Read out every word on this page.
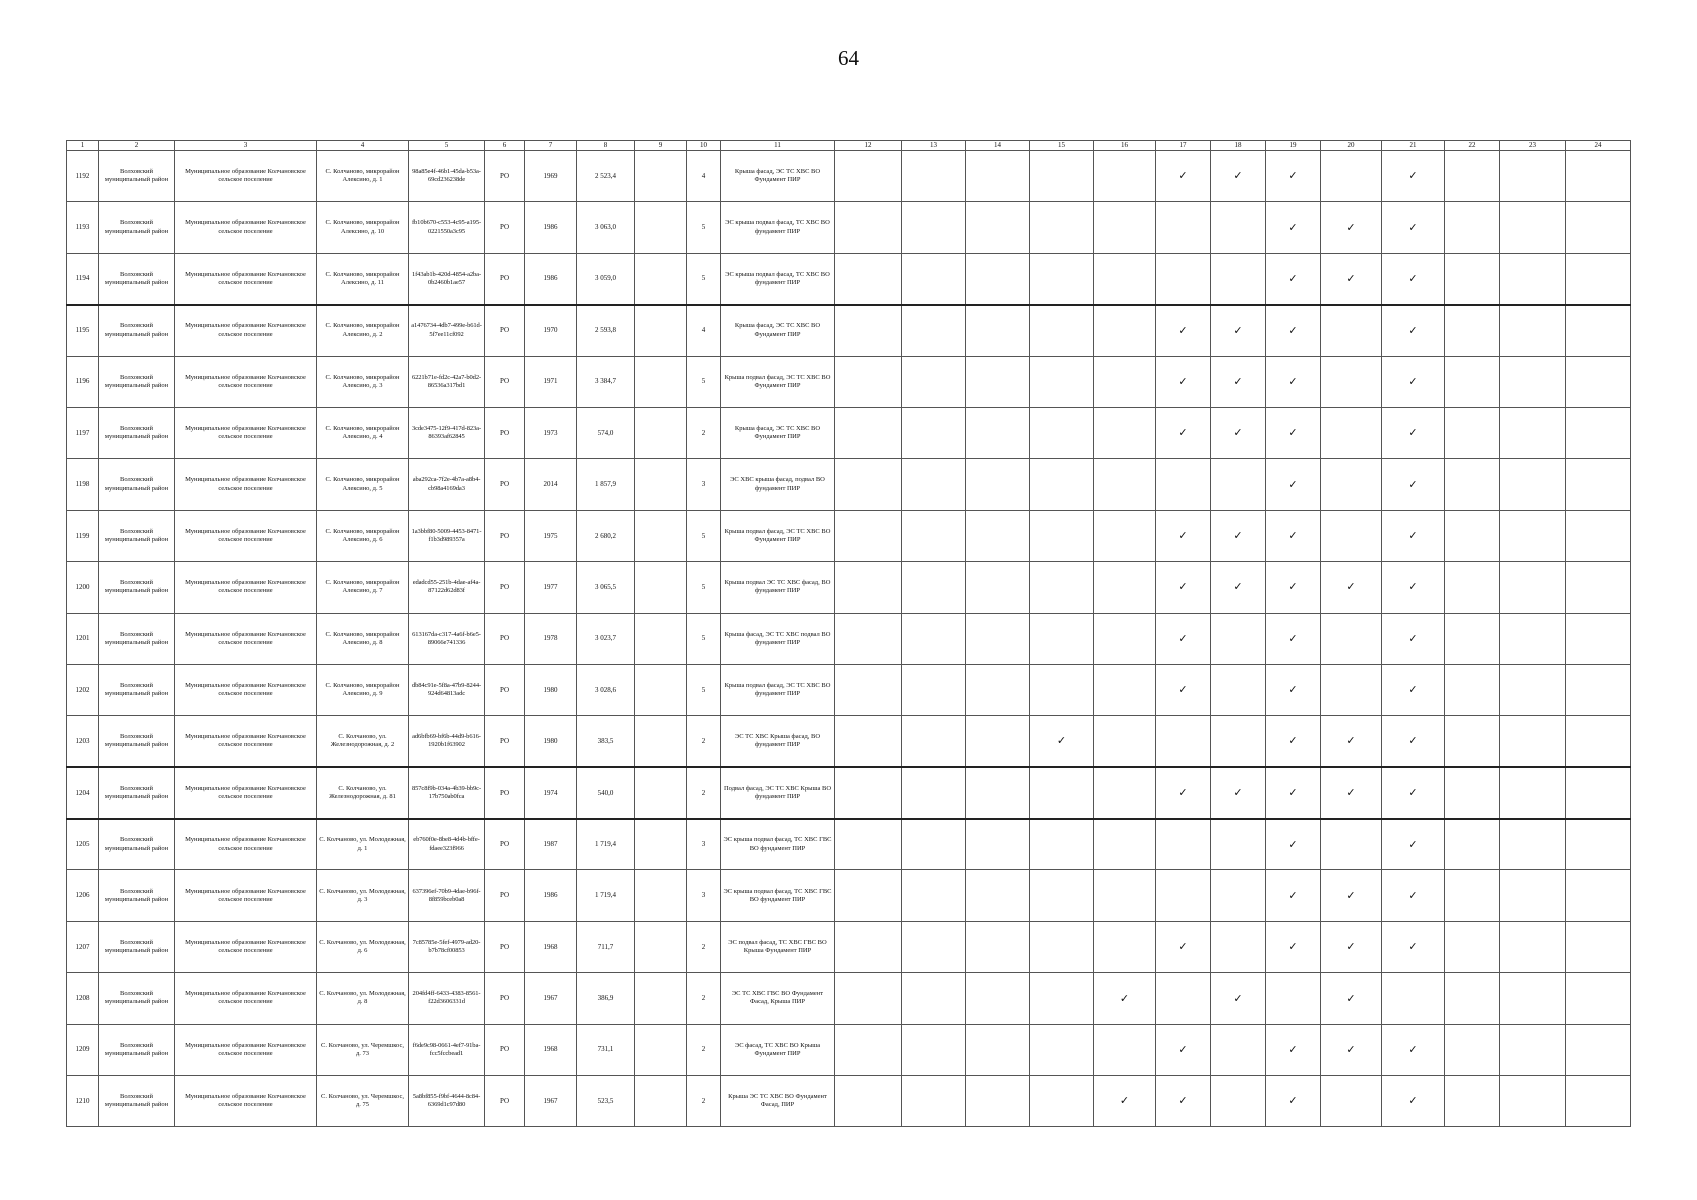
64
1	2	3	4	5	6	7	8	9	10	11	12	13	14	15	16	17	18	19	20	21	22	23	24
1192	Волховский муниципальный район	Муниципальное образование Колчановское сельское поселение	С. Колчаново, микрорайон Алексино, д. 1	98a85e4f-46b1-45da-b53a-69cd236238de	РО	1969	2 523,4		4	Крыша фасад, ЭС ТС ХВС ВО Фундамент ПИР						✓	✓	✓		✓			
1193	Волховский муниципальный район	Муниципальное образование Колчановское сельское поселение	С. Колчаново, микрорайон Алексино, д. 10	fb10b670-c553-4c95-a195-0221550a3c95	РО	1986	3 063,0		5	ЭС крыша подвал фасад, ТС ХВС ВО фундамент ПИР								✓	✓	✓			
1194	Волховский муниципальный район	Муниципальное образование Колчановское сельское поселение	С. Колчаново, микрорайон Алексино, д. 11	1f43ab1b-420d-4854-a2ba-0b2460b1ae57	РО	1986	3 059,0		5	ЭС крыша подвал фасад, ТС ХВС ВО фундамент ПИР								✓	✓	✓			
1195	Волховский муниципальный район	Муниципальное образование Колчановское сельское поселение	С. Колчаново, микрорайон Алексино, д. 2	a1476734-4db7-499e-b61d-5f7ee11cf092	РО	1970	2 593,8		4	Крыша фасад, ЭС ТС ХВС ВО Фундамент ПИР						✓	✓	✓		✓			
1196	Волховский муниципальный район	Муниципальное образование Колчановское сельское поселение	С. Колчаново, микрорайон Алексино, д. 3	6221b71e-fd2c-42a7-b0d2-86536a317bd1	РО	1971	3 384,7		5	Крыша подвал фасад, ЭС ТС ХВС ВО Фундамент ПИР						✓	✓	✓		✓			
1197	Волховский муниципальный район	Муниципальное образование Колчановское сельское поселение	С. Колчаново, микрорайон Алексино, д. 4	3cde3475-12f9-417d-823a-86393af62845	РО	1973	574,0		2	Крыша фасад, ЭС ТС ХВС ВО Фундамент ПИР						✓	✓	✓		✓			
1198	Волховский муниципальный район	Муниципальное образование Колчановское сельское поселение	С. Колчаново, микрорайон Алексино, д. 5	aba292ca-7f2e-4b7a-a8b4-cb98a4169da3	РО	2014	1 857,9		3	ЭС ХВС крыша фасад, подвал ВО фундамент ПИР								✓		✓			
1199	Волховский муниципальный район	Муниципальное образование Колчановское сельское поселение	С. Колчаново, микрорайон Алексино, д. 6	1a3bbf80-5009-4453-8471-f1b3d989357a	РО	1975	2 680,2		5	Крыша подвал фасад, ЭС ТС ХВС ВО Фундамент ПИР						✓	✓	✓		✓			
1200	Волховский муниципальный район	Муниципальное образование Колчановское сельское поселение	С. Колчаново, микрорайон Алексино, д. 7	edadcd55-251b-4dae-af4a-87122d62d83f	РО	1977	3 065,5		5	Крыша подвал ЭС ТС ХВС фасад, ВО фундамент ПИР						✓	✓	✓	✓	✓			
1201	Волховский муниципальный район	Муниципальное образование Колчановское сельское поселение	С. Колчаново, микрорайон Алексино, д. 8	613167da-c317-4a6f-b6e5-89066e741336	РО	1978	3 023,7		5	Крыша фасад, ЭС ТС ХВС подвал ВО фундамент ПИР						✓		✓		✓			
1202	Волховский муниципальный район	Муниципальное образование Колчановское сельское поселение	С. Колчаново, микрорайон Алексино, д. 9	db84c91e-5f8a-47b9-8244-924d64813adc	РО	1980	3 028,6		5	Крыша подвал фасад, ЭС ТС ХВС ВО фундамент ПИР						✓		✓		✓			
1203	Волховский муниципальный район	Муниципальное образование Колчановское сельское поселение	С. Колчаново, ул. Железнодорожная, д. 2	ad6bfb69-bf6b-44d9-b616-1920b1f63902	РО	1980	383,5		2	ЭС ТС ХВС Крыша фасад, ВО фундамент ПИР				✓				✓	✓	✓			
1204	Волховский муниципальный район	Муниципальное образование Колчановское сельское поселение	С. Колчаново, ул. Железнодорожная, д. 81	857c8f9b-034a-4b39-bb9c-17b750ab0fca	РО	1974	540,0		2	Подвал фасад, ЭС ТС ХВС Крыша ВО фундамент ПИР						✓	✓	✓	✓	✓			
1205	Волховский муниципальный район	Муниципальное образование Колчановское сельское поселение	С. Колчаново, ул. Молодежная, д. 1	eb760f0e-8be8-4d4b-bffe-fdaee323f966	РО	1987	1 719,4		3	ЭС крыша подвал фасад, ТС ХВС ГВС ВО фундамент ПИР								✓		✓			
1206	Волховский муниципальный район	Муниципальное образование Колчановское сельское поселение	С. Колчаново, ул. Молодежная, д. 3	637396ef-70b9-4dae-b96f-8f859bceb0a8	РО	1986	1 719,4		3	ЭС крыша подвал фасад, ТС ХВС ГВС ВО фундамент ПИР								✓	✓	✓			
1207	Волховский муниципальный район	Муниципальное образование Колчановское сельское поселение	С. Колчаново, ул. Молодежная, д. 6	7c85785e-5fef-4979-ad20-b7b78cf00853	РО	1968	711,7		2	ЭС подвал фасад, ТС ХВС ГВС ВО Крыша Фундамент ПИР						✓		✓	✓	✓			
1208	Волховский муниципальный район	Муниципальное образование Колчановское сельское поселение	С. Колчаново, ул. Молодежная, д. 8	204fd4ff-6433-4383-8561-f22d3606331d	РО	1967	386,9		2	ЭС ТС ХВС ГВС ВО Фундамент Фасад, Крыша ПИР					✓		✓		✓				
1209	Волховский муниципальный район	Муниципальное образование Колчановское сельское поселение	С. Колчаново, ул. Черемшкос, д. 73	f6de9c98-0661-4ef7-91ba-fcc5fccbead1	РО	1968	731,1		2	ЭС фасад, ТС ХВС ВО Крыша Фундамент ПИР						✓		✓	✓	✓			
1210	Волховский муниципальный район	Муниципальное образование Колчановское сельское поселение	С. Колчаново, ул. Черемшкос, д. 75	5a8bf855-f9bf-4644-8c84-6369d1c97d80	РО	1967	523,5		2	Крыша ЭС ТС ХВС ВО Фундамент Фасад, ПИР					✓	✓		✓		✓			
